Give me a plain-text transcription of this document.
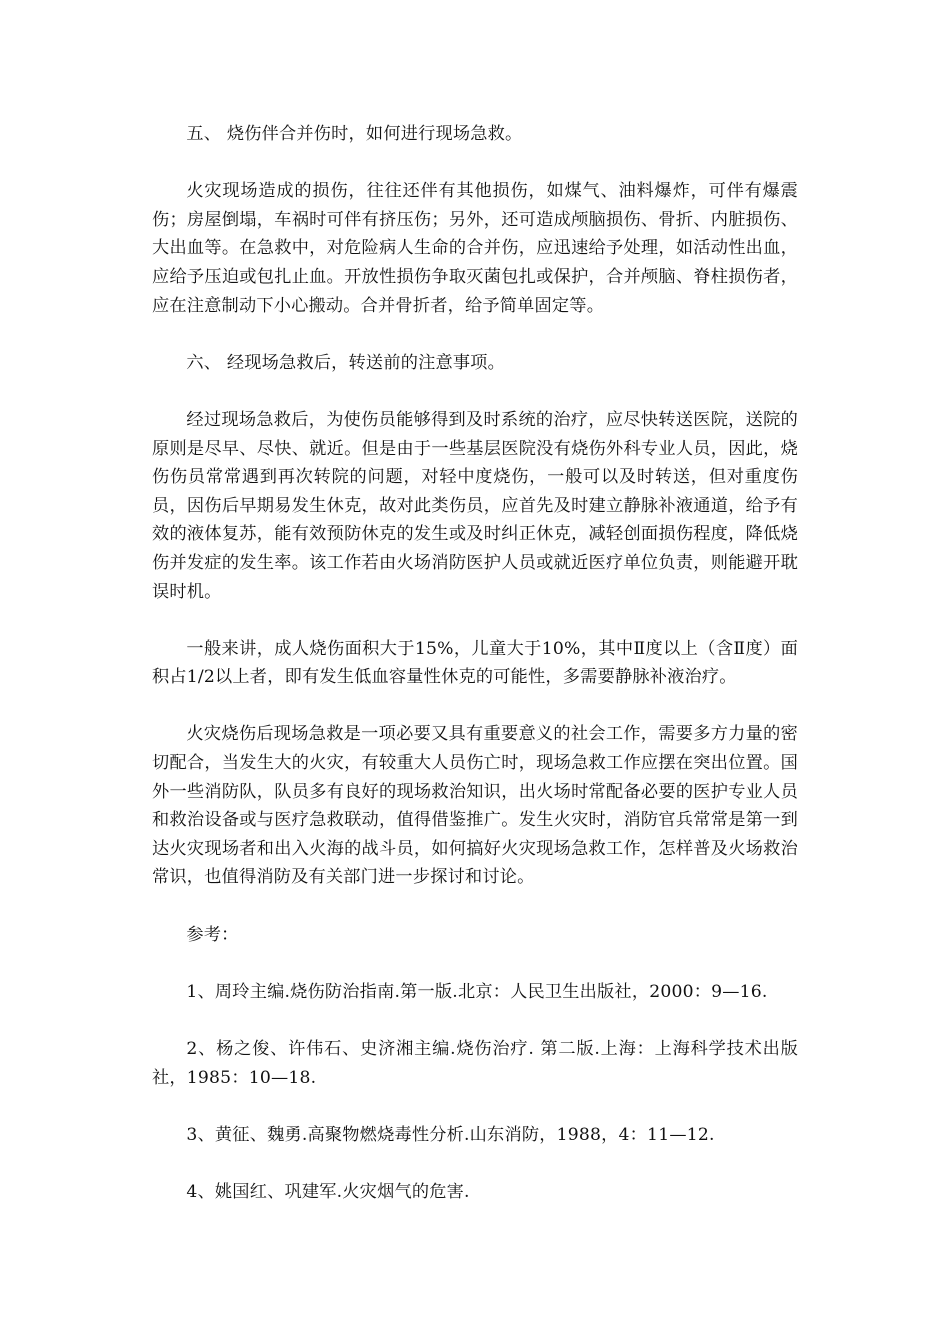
五、 烧伤伴合并伤时，如何进行现场急救。

火灾现场造成的损伤，往往还伴有其他损伤，如煤气、油料爆炸，可伴有爆震伤；房屋倒塌，车祸时可伴有挤压伤；另外，还可造成颅脑损伤、骨折、内脏损伤、大出血等。在急救中，对危险病人生命的合并伤，应迅速给予处理，如活动性出血，应给予压迫或包扎止血。开放性损伤争取灭菌包扎或保护，合并颅脑、脊柱损伤者，应在注意制动下小心搬动。合并骨折者，给予简单固定等。

六、 经现场急救后，转送前的注意事项。

经过现场急救后，为使伤员能够得到及时系统的治疗，应尽快转送医院，送院的原则是尽早、尽快、就近。但是由于一些基层医院没有烧伤外科专业人员，因此，烧伤伤员常常遇到再次转院的问题，对轻中度烧伤，一般可以及时转送，但对重度伤员，因伤后早期易发生休克，故对此类伤员，应首先及时建立静脉补液通道，给予有效的液体复苏，能有效预防休克的发生或及时纠正休克，减轻创面损伤程度，降低烧伤并发症的发生率。该工作若由火场消防医护人员或就近医疗单位负责，则能避开耽误时机。

一般来讲，成人烧伤面积大于15%，儿童大于10%，其中Ⅱ度以上（含Ⅱ度）面积占1/2以上者，即有发生低血容量性休克的可能性，多需要静脉补液治疗。

火灾烧伤后现场急救是一项必要又具有重要意义的社会工作，需要多方力量的密切配合，当发生大的火灾，有较重大人员伤亡时，现场急救工作应摆在突出位置。国外一些消防队，队员多有良好的现场救治知识，出火场时常配备必要的医护专业人员和救治设备或与医疗急救联动，值得借鉴推广。发生火灾时，消防官兵常常是第一到达火灾现场者和出入火海的战斗员，如何搞好火灾现场急救工作，怎样普及火场救治常识，也值得消防及有关部门进一步探讨和讨论。

参考：

1、周玲主编.烧伤防治指南.第一版.北京：人民卫生出版社，2000：9—16.

2、杨之俊、许伟石、史济湘主编.烧伤治疗. 第二版.上海：上海科学技术出版社，1985：10—18.

3、黄征、魏勇.高聚物燃烧毒性分析.山东消防，1988，4：11—12.

4、姚国红、巩建军.火灾烟气的危害.
